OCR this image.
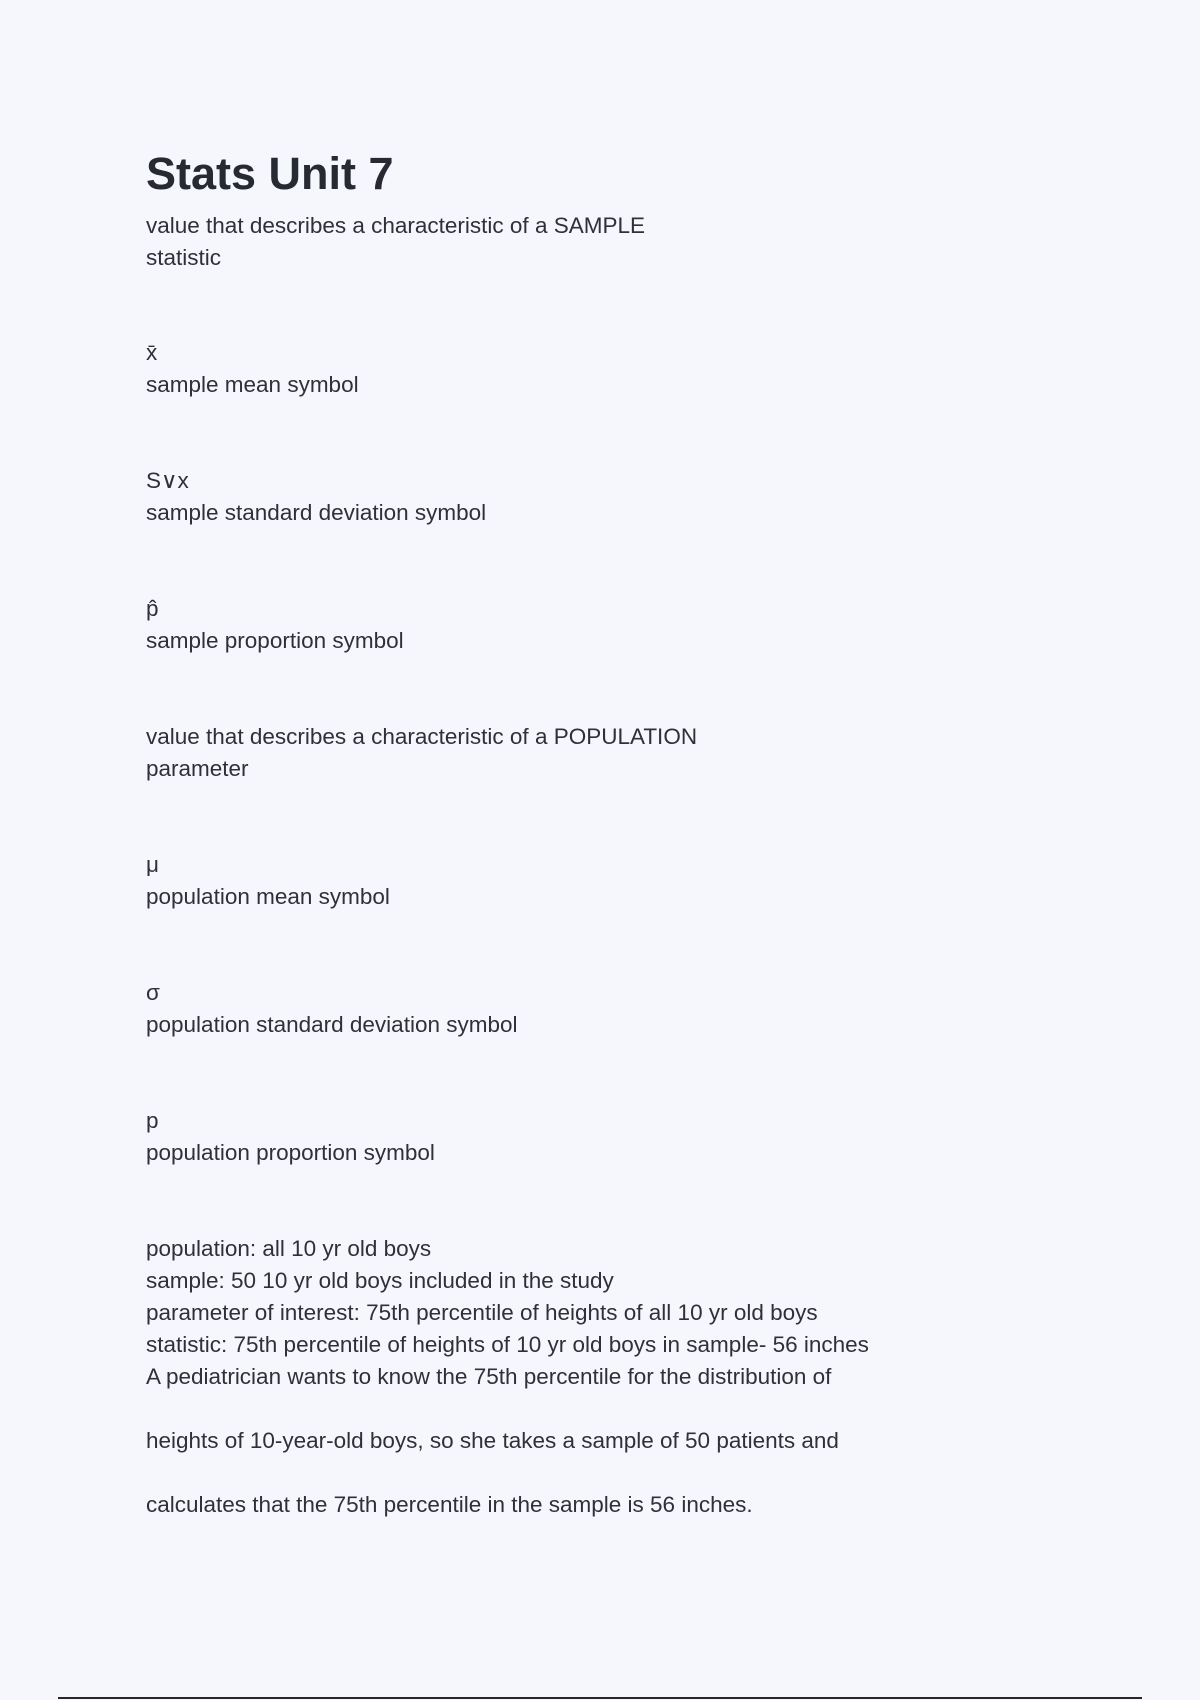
Stats Unit 7
value that describes a characteristic of a SAMPLE
statistic
x̄
sample mean symbol
S∨x
sample standard deviation symbol
p̂
sample proportion symbol
value that describes a characteristic of a POPULATION
parameter
μ
population mean symbol
σ
population standard deviation symbol
p
population proportion symbol
population: all 10 yr old boys
sample: 50 10 yr old boys included in the study
parameter of interest: 75th percentile of heights of all 10 yr old boys
statistic: 75th percentile of heights of 10 yr old boys in sample- 56 inches
A pediatrician wants to know the 75th percentile for the distribution of
heights of 10-year-old boys, so she takes a sample of 50 patients and
calculates that the 75th percentile in the sample is 56 inches.
